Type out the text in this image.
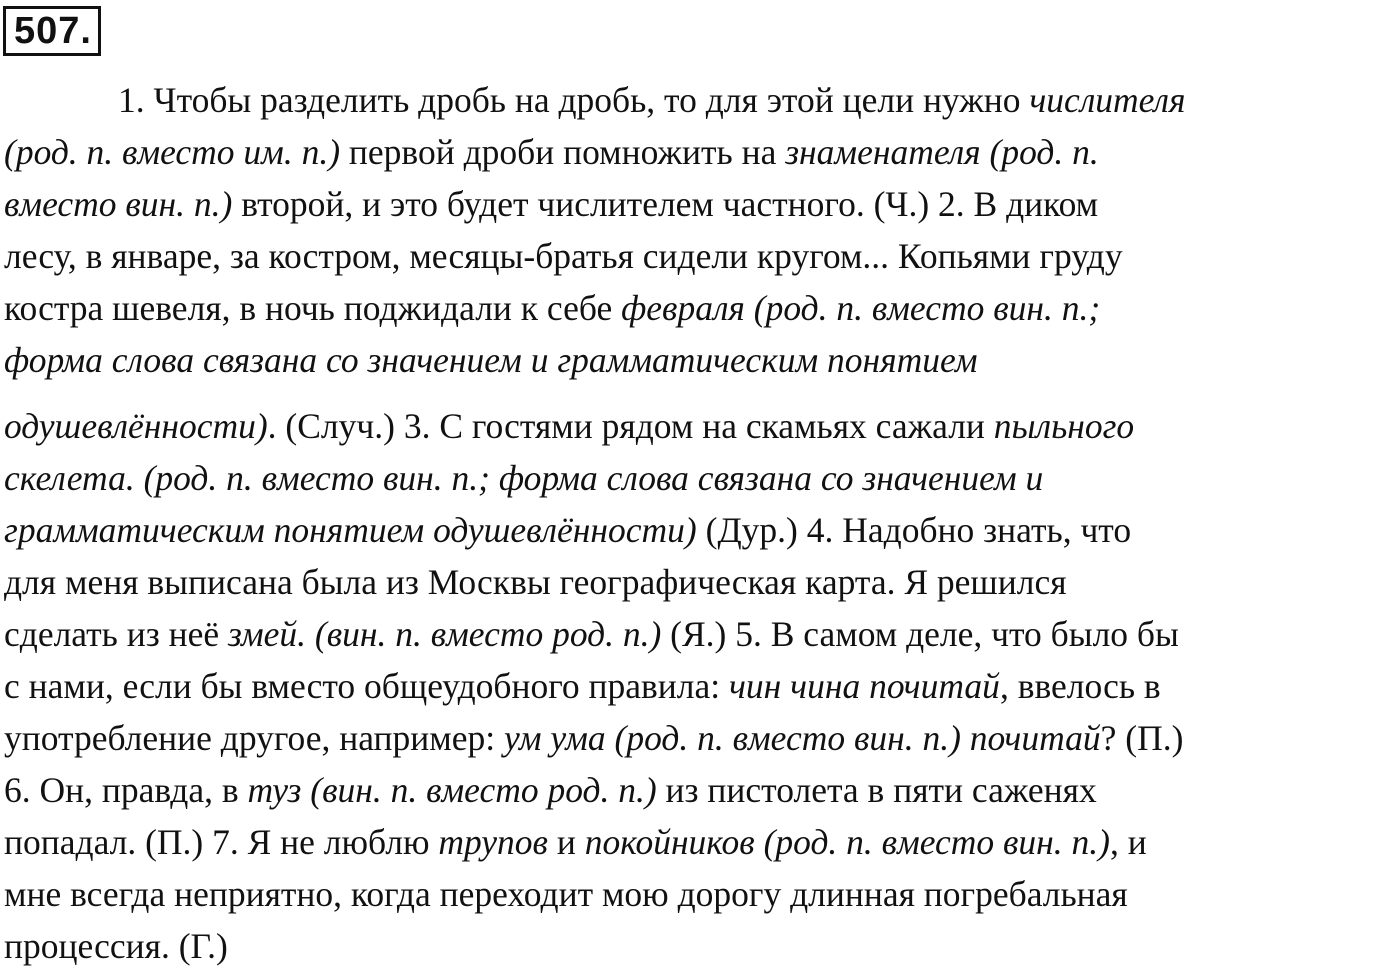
507.
1. Чтобы разделить дробь на дробь, то для этой цели нужно числителя
(род. п. вместо им. п.) первой дроби помножить на знаменателя (род. п.
вместо вин. п.) второй, и это будет числителем частного. (Ч.) 2. В диком
лесу, в январе, за костром, месяцы-братья сидели кругом... Копьями груду
костра шевеля, в ночь поджидали к себе февраля (род. п. вместо вин. п.;
форма слова связана со значением и грамматическим понятием
одушевлённости). (Случ.) 3. С гостями рядом на скамьях сажали пыльного
скелета. (род. п. вместо вин. п.; форма слова связана со значением и
грамматическим понятием одушевлённости) (Дур.) 4. Надобно знать, что
для меня выписана была из Москвы географическая карта. Я решился
сделать из неё змей. (вин. п. вместо род. п.) (Я.) 5. В самом деле, что было бы
с нами, если бы вместо общеудобного правила: чин чина почитай, ввелось в
употребление другое, например: ум ума (род. п. вместо вин. п.) почитай? (П.)
6. Он, правда, в туз (вин. п. вместо род. п.) из пистолета в пяти саженях
попадал. (П.) 7. Я не люблю трупов и покойников (род. п. вместо вин. п.), и
мне всегда неприятно, когда переходит мою дорогу длинная погребальная
процессия. (Г.)
